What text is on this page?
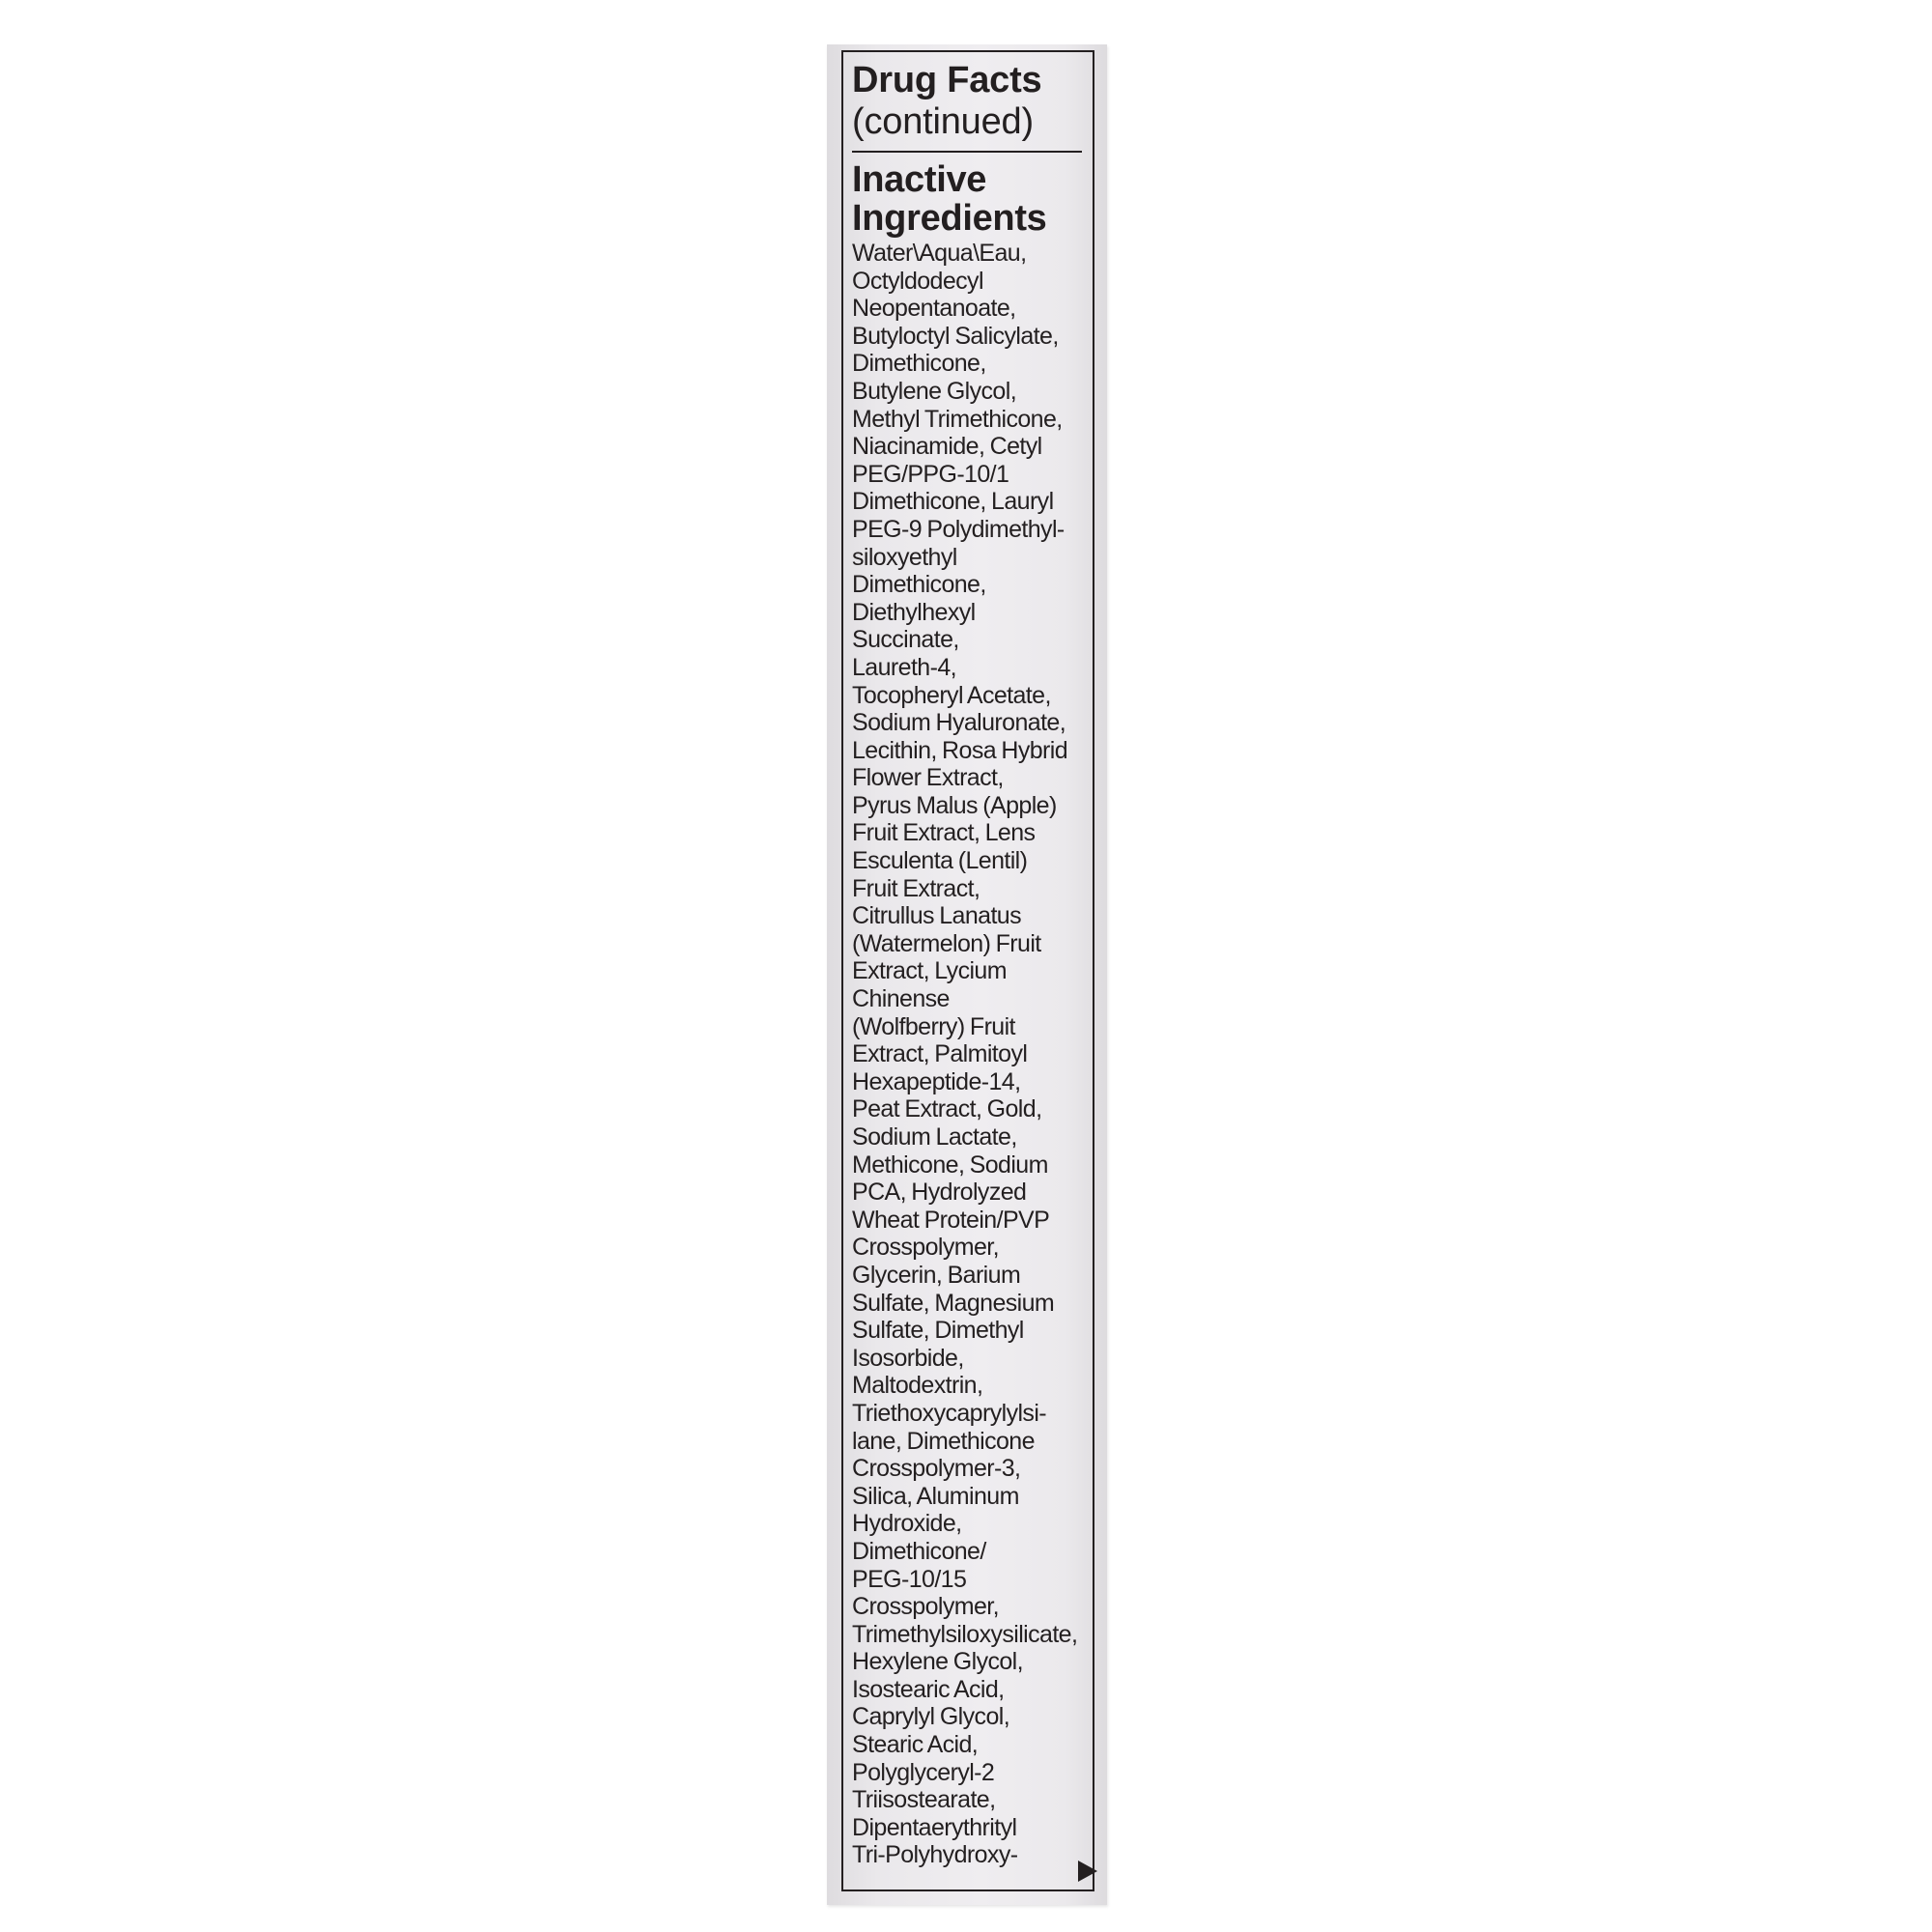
Drug Facts
(continued)
Inactive
Ingredients
Water\Aqua\Eau,
Octyldodecyl
Neopentanoate,
Butyloctyl Salicylate,
Dimethicone,
Butylene Glycol,
Methyl Trimethicone,
Niacinamide, Cetyl
PEG/PPG-10/1
Dimethicone, Lauryl
PEG-9 Polydimethyl-
siloxyethyl
Dimethicone,
Diethylhexyl
Succinate,
Laureth-4,
Tocopheryl Acetate,
Sodium Hyaluronate,
Lecithin, Rosa Hybrid
Flower Extract,
Pyrus Malus (Apple)
Fruit Extract, Lens
Esculenta (Lentil)
Fruit Extract,
Citrullus Lanatus
(Watermelon) Fruit
Extract, Lycium
Chinense
(Wolfberry) Fruit
Extract, Palmitoyl
Hexapeptide-14,
Peat Extract, Gold,
Sodium Lactate,
Methicone, Sodium
PCA, Hydrolyzed
Wheat Protein/PVP
Crosspolymer,
Glycerin, Barium
Sulfate, Magnesium
Sulfate, Dimethyl
Isosorbide,
Maltodextrin,
Triethoxycaprylylsi-
lane, Dimethicone
Crosspolymer-3,
Silica, Aluminum
Hydroxide,
Dimethicone/
PEG-10/15
Crosspolymer,
Trimethylsiloxysilicate,
Hexylene Glycol,
Isostearic Acid,
Caprylyl Glycol,
Stearic Acid,
Polyglyceryl-2
Triisostearate,
Dipentaerythrityl
Tri-Polyhydroxy-
